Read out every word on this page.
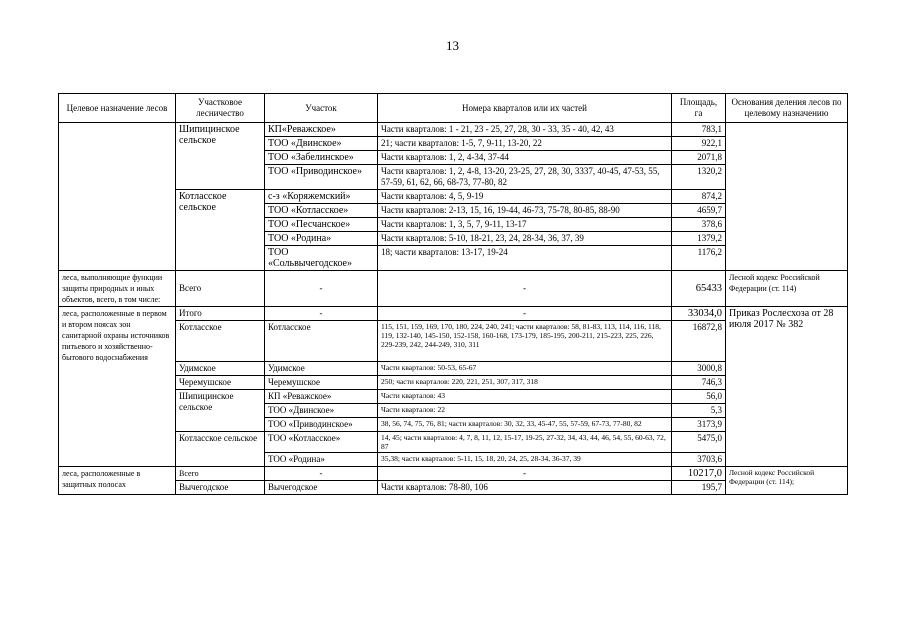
13
Целевое назначение лесов	Участковое лесничество	Участок	Номера кварталов или их частей	Площадь, га	Основания деления лесов по целевому назначению
	Шипицинское сельское	КП«Реважское»	Части кварталов: 1 - 21, 23 - 25, 27, 28, 30 - 33, 35 - 40, 42, 43	783,1	
		ТОО «Двинское»	21; части кварталов: 1-5, 7, 9-11, 13-20, 22	922,1	
		ТОО «Забелинское»	Части кварталов: 1, 2, 4-34, 37-44	2071,8	
		ТОО «Приводинское»	Части кварталов: 1, 2, 4-8, 13-20, 23-25, 27, 28, 30, 3337, 40-45, 47-53, 55, 57-59, 61, 62, 66, 68-73, 77-80, 82	1320,2	
	Котласское сельское	с-з «Коряжемский»	Части кварталов: 4, 5, 9-19	874,2	
		ТОО «Котласское»	Части кварталов: 2-13, 15, 16, 19-44, 46-73, 75-78, 80-85, 88-90	4659,7	
		ТОО «Песчанское»	Части кварталов: 1, 3, 5, 7, 9-11, 13-17	378,6	
		ТОО «Родина»	Части кварталов: 5-10, 18-21, 23, 24, 28-34, 36, 37, 39	1379,2	
		ТОО «Сольвычегодское»	18; части кварталов: 13-17, 19-24	1176,2	
леса, выполняющие функции защиты природных и иных объектов, всего, в том числе:	Всего	-	-	65433	Лесной кодекс Российской Федерации (ст. 114)
леса, расположенные в первом и втором поясах зон санитарной охраны источников питьевого и хозяйственно-бытового водоснабжения	Итого	-	-	33034,0	Приказ Рослесхоза от 28 июля 2017 № 382
	Котласское	Котласское	115, 151, 159, 169, 170, 180, 224, 240, 241; части кварталов: 58, 81-83, 113, 114, 116, 118, 119, 132-140, 145-150, 152-158, 160-168, 173-179, 185-195, 200-211, 215-223, 225, 226, 229-239, 242, 244-249, 310, 311	16872,8	
	Удимское	Удимское	Части кварталов: 50-53, 65-67	3000,8	
	Черемушское	Черемушское	250; части кварталов: 220, 221, 251, 307, 317, 318	746,3	
	Шипицинское сельское	КП «Реважское»	Части кварталов: 43	56,0	
		ТОО «Двинское»	Части кварталов: 22	5,3	
		ТОО «Приводинское»	38, 56, 74, 75, 76, 81; части кварталов: 30, 32, 33, 45-47, 55, 57-59, 67-73, 77-80, 82	3173,9	
	Котласское сельское	ТОО «Котласское»	14, 45; части кварталов: 4, 7, 8, 11, 12, 15-17, 19-25, 27-32, 34, 43, 44, 46, 54, 55, 60-63, 72, 87	5475,0	
		ТОО «Родина»	35,38; части кварталов: 5-11, 15, 18, 20, 24, 25, 28-34, 36-37, 39	3703,6	
леса, расположенные в защитных полосах	Всего	-	-	10217,0	Лесной кодекс Российской Федерации (ст. 114);
	Вычегодское	Вычегодское	Части кварталов: 78-80, 106	195,7	
